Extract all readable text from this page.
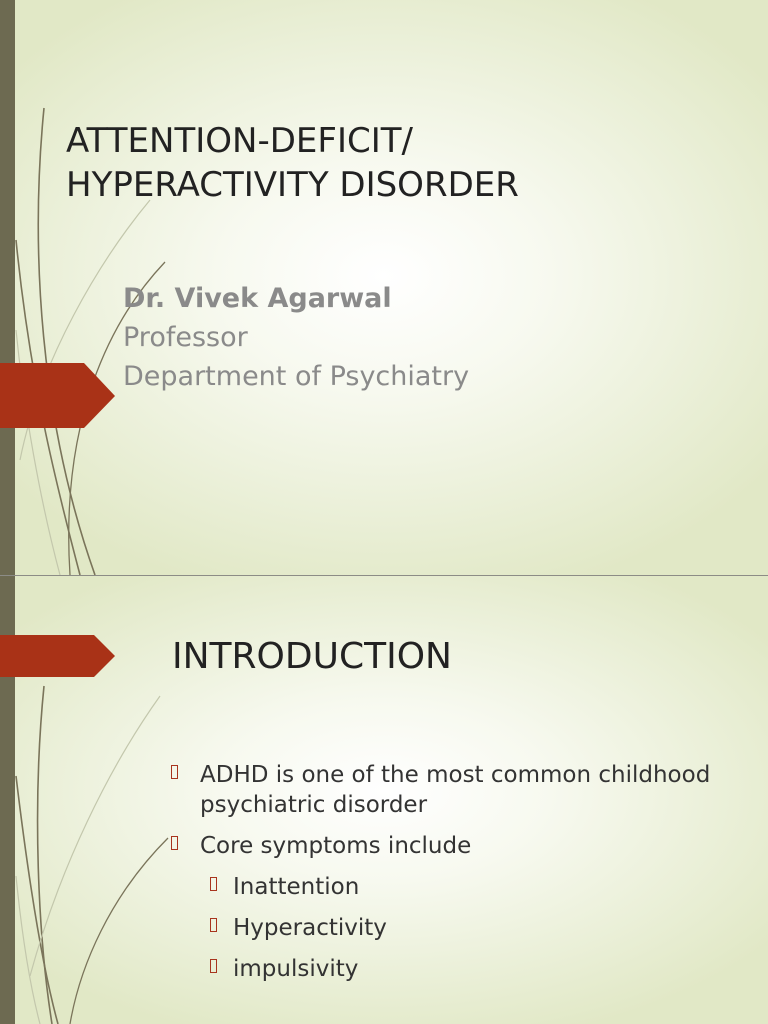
ATTENTION-DEFICIT/
HYPERACTIVITY DISORDER
Dr. Vivek Agarwal
Professor
Department of Psychiatry
INTRODUCTION
ADHD is one of the most common childhood psychiatric disorder
Core symptoms include
Inattention
Hyperactivity
impulsivity
